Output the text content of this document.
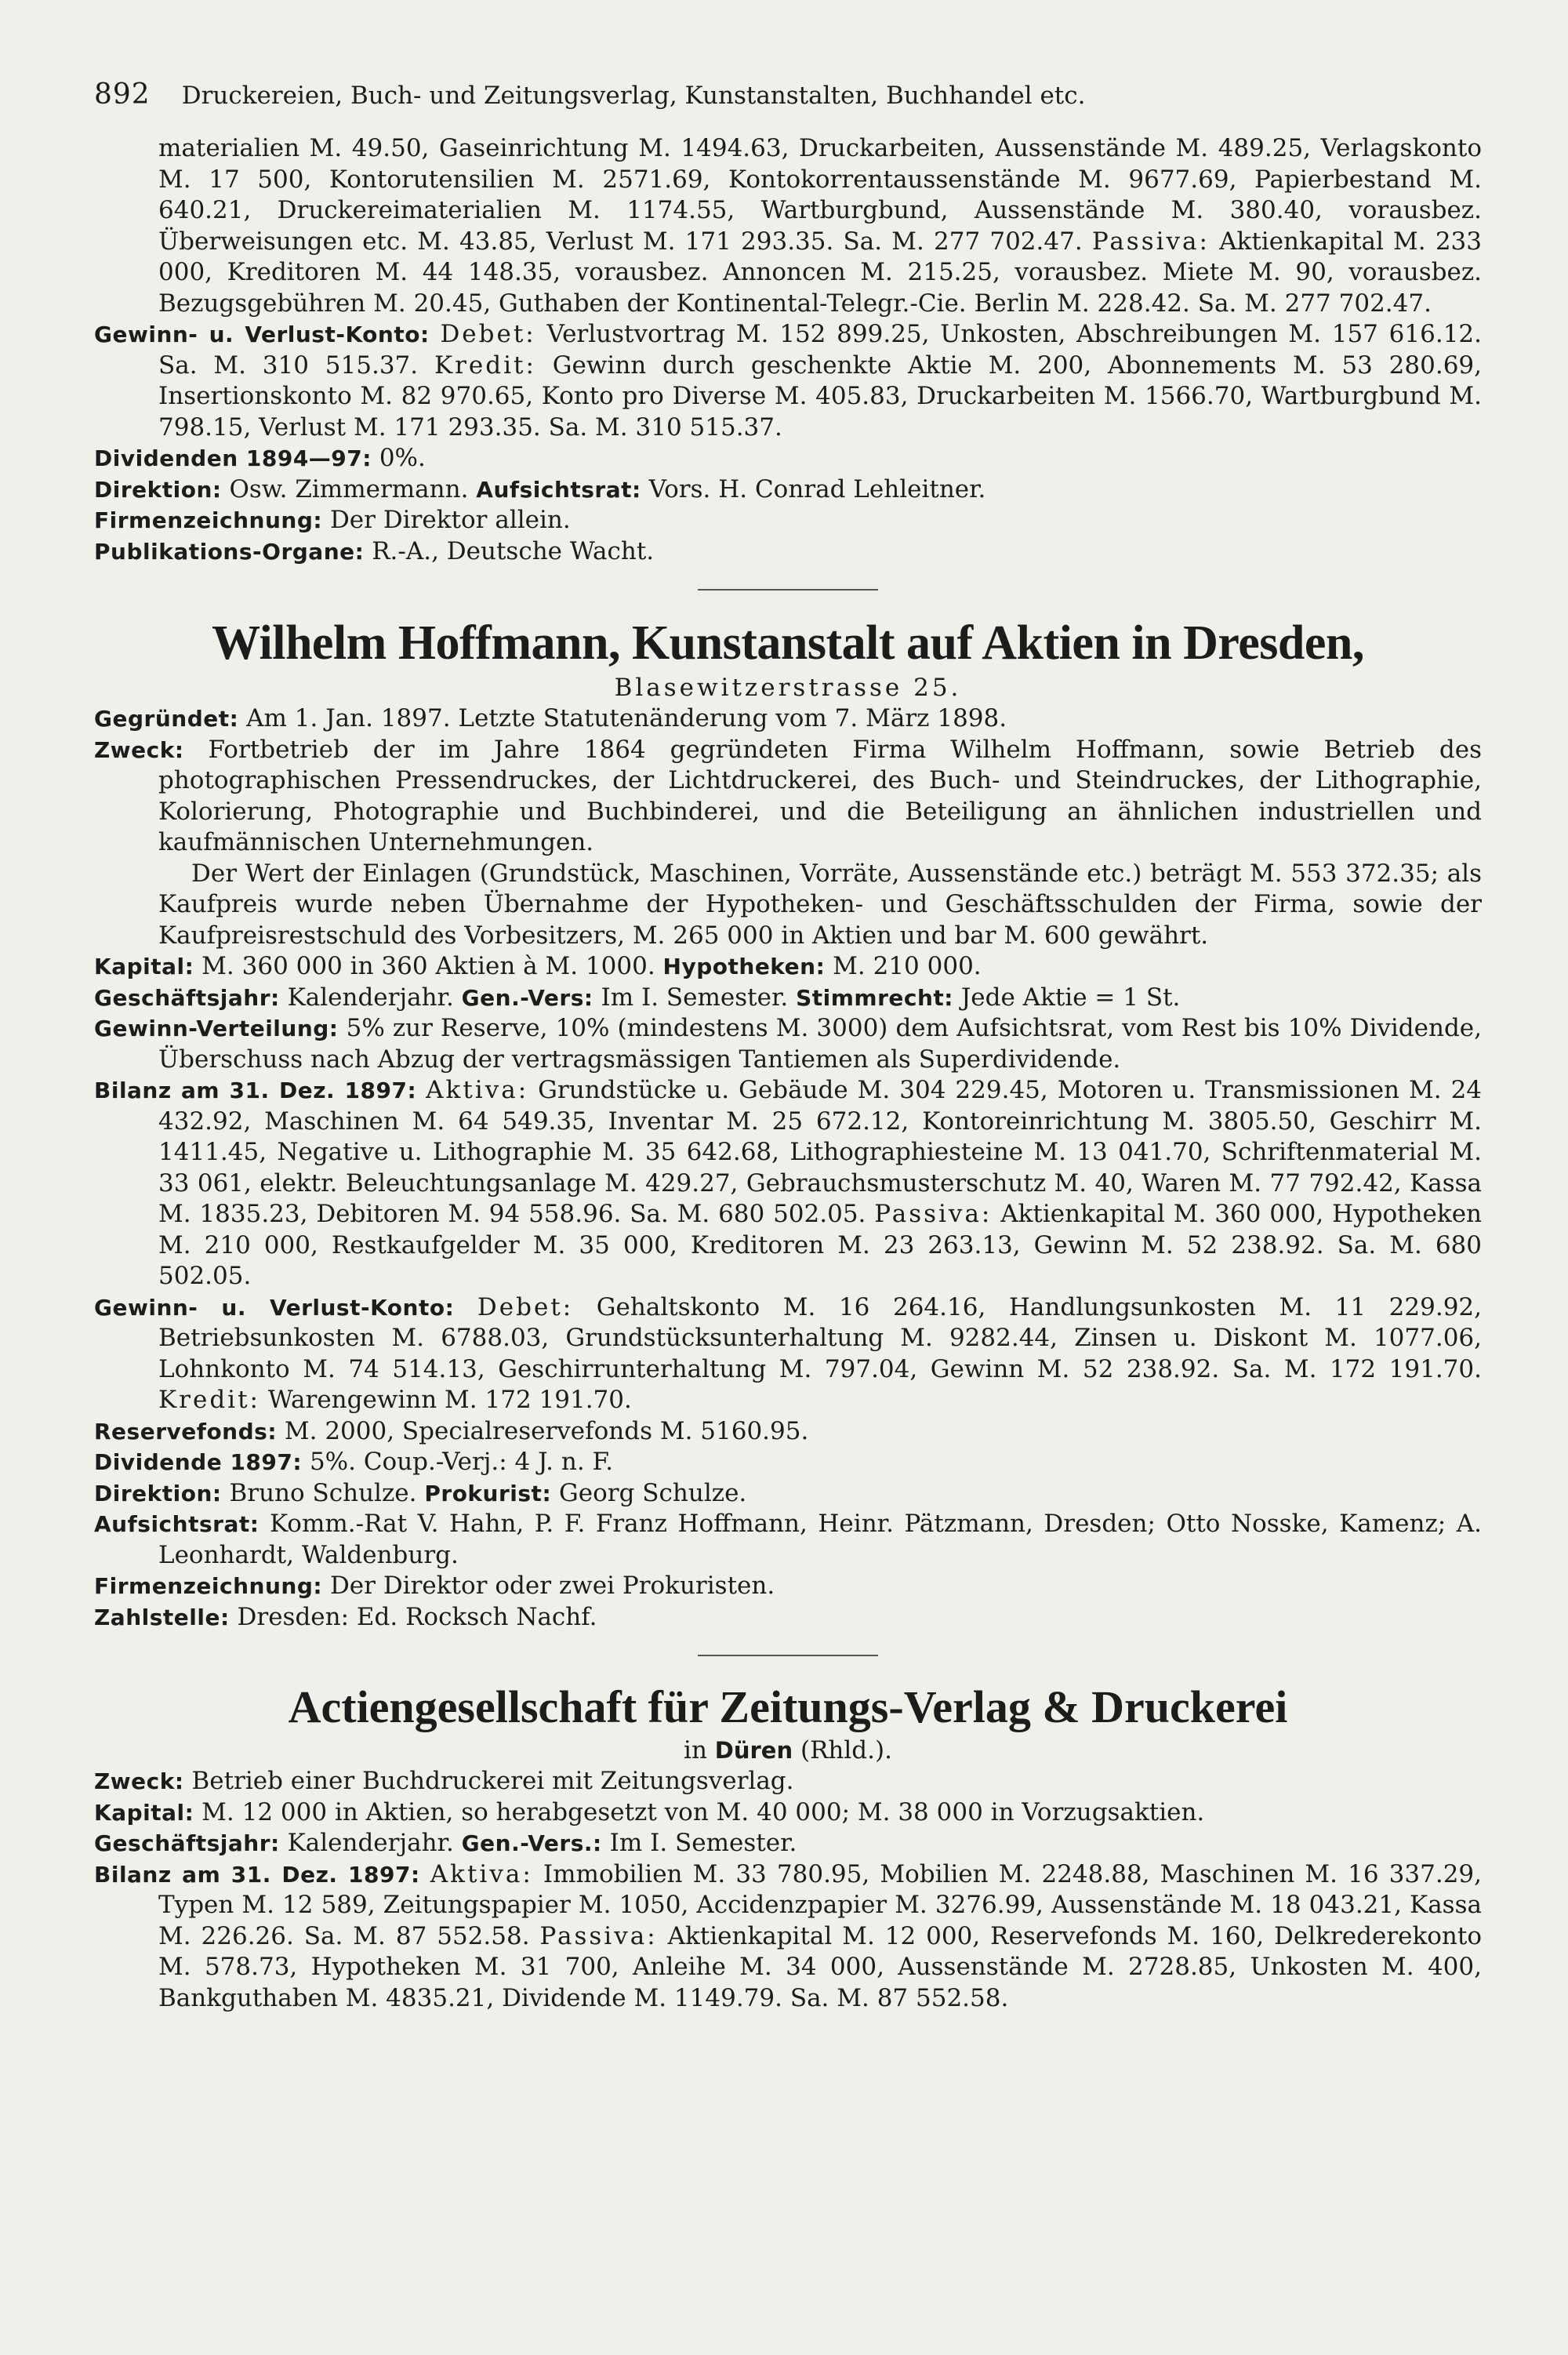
892 Druckereien, Buch- und Zeitungsverlag, Kunstanstalten, Buchhandel etc.

materialien M. 49.50, Gaseinrichtung M. 1494.63, Druckarbeiten, Aussenstände M. 489.25, Verlagskonto M. 17 500, Kontorutensilien M. 2571.69, Kontokorrentaussenstände M. 9677.69, Papierbestand M. 640.21, Druckereimaterialien M. 1174.55, Wartburgbund, Aussenstände M. 380.40, vorausbez. Überweisungen etc. M. 43.85, Verlust M. 171 293.35. Sa. M. 277 702.47. Passiva: Aktienkapital M. 233 000, Kreditoren M. 44 148.35, vorausbez. Annoncen M. 215.25, vorausbez. Miete M. 90, vorausbez. Bezugsgebühren M. 20.45, Guthaben der Kontinental-Telegr.-Cie. Berlin M. 228.42. Sa. M. 277 702.47.

Gewinn- u. Verlust-Konto: Debet: Verlustvortrag M. 152 899.25, Unkosten, Abschreibungen M. 157 616.12. Sa. M. 310 515.37. Kredit: Gewinn durch geschenkte Aktie M. 200, Abonnements M. 53 280.69, Insertionskonto M. 82 970.65, Konto pro Diverse M. 405.83, Druckarbeiten M. 1566.70, Wartburgbund M. 798.15, Verlust M. 171 293.35. Sa. M. 310 515.37.

Dividenden 1894—97: 0%.

Direktion: Osw. Zimmermann. Aufsichtsrat: Vors. H. Conrad Lehleitner.

Firmenzeichnung: Der Direktor allein.

Publikations-Organe: R.-A., Deutsche Wacht.

Wilhelm Hoffmann, Kunstanstalt auf Aktien in Dresden,
Blasewitzerstrasse 25.

Gegründet: Am 1. Jan. 1897. Letzte Statutenänderung vom 7. März 1898.

Zweck: Fortbetrieb der im Jahre 1864 gegründeten Firma Wilhelm Hoffmann, sowie Betrieb des photographischen Pressendruckes, der Lichtdruckerei, des Buch- und Steindruckes, der Lithographie, Kolorierung, Photographie und Buchbinderei, und die Beteiligung an ähnlichen industriellen und kaufmännischen Unternehmungen.

Der Wert der Einlagen (Grundstück, Maschinen, Vorräte, Aussenstände etc.) beträgt M. 553 372.35; als Kaufpreis wurde neben Übernahme der Hypotheken- und Geschäftsschulden der Firma, sowie der Kaufpreisrestschuld des Vorbesitzers, M. 265 000 in Aktien und bar M. 600 gewährt.

Kapital: M. 360 000 in 360 Aktien à M. 1000. Hypotheken: M. 210 000.

Geschäftsjahr: Kalenderjahr. Gen.-Vers: Im I. Semester. Stimmrecht: Jede Aktie = 1 St.

Gewinn-Verteilung: 5% zur Reserve, 10% (mindestens M. 3000) dem Aufsichtsrat, vom Rest bis 10% Dividende, Überschuss nach Abzug der vertragsmässigen Tantiemen als Superdividende.

Bilanz am 31. Dez. 1897: Aktiva: Grundstücke u. Gebäude M. 304 229.45, Motoren u. Transmissionen M. 24 432.92, Maschinen M. 64 549.35, Inventar M. 25 672.12, Kontoreinrichtung M. 3805.50, Geschirr M. 1411.45, Negative u. Lithographie M. 35 642.68, Lithographiesteine M. 13 041.70, Schriftenmaterial M. 33 061, elektr. Beleuchtungsanlage M. 429.27, Gebrauchsmusterschutz M. 40, Waren M. 77 792.42, Kassa M. 1835.23, Debitoren M. 94 558.96. Sa. M. 680 502.05. Passiva: Aktienkapital M. 360 000, Hypotheken M. 210 000, Restkaufgelder M. 35 000, Kreditoren M. 23 263.13, Gewinn M. 52 238.92. Sa. M. 680 502.05.

Gewinn- u. Verlust-Konto: Debet: Gehaltskonto M. 16 264.16, Handlungsunkosten M. 11 229.92, Betriebsunkosten M. 6788.03, Grundstücksunterhaltung M. 9282.44, Zinsen u. Diskont M. 1077.06, Lohnkonto M. 74 514.13, Geschirrunterhaltung M. 797.04, Gewinn M. 52 238.92. Sa. M. 172 191.70. Kredit: Warengewinn M. 172 191.70.

Reservefonds: M. 2000, Specialreservefonds M. 5160.95.

Dividende 1897: 5%. Coup.-Verj.: 4 J. n. F.

Direktion: Bruno Schulze. Prokurist: Georg Schulze.

Aufsichtsrat: Komm.-Rat V. Hahn, P. F. Franz Hoffmann, Heinr. Pätzmann, Dresden; Otto Nosske, Kamenz; A. Leonhardt, Waldenburg.

Firmenzeichnung: Der Direktor oder zwei Prokuristen.

Zahlstelle: Dresden: Ed. Rocksch Nachf.

Actiengesellschaft für Zeitungs-Verlag & Druckerei
in Düren (Rhld.).

Zweck: Betrieb einer Buchdruckerei mit Zeitungsverlag.

Kapital: M. 12 000 in Aktien, so herabgesetzt von M. 40 000; M. 38 000 in Vorzugsaktien.

Geschäftsjahr: Kalenderjahr. Gen.-Vers.: Im I. Semester.

Bilanz am 31. Dez. 1897: Aktiva: Immobilien M. 33 780.95, Mobilien M. 2248.88, Maschinen M. 16 337.29, Typen M. 12 589, Zeitungspapier M. 1050, Accidenzpapier M. 3276.99, Aussenstände M. 18 043.21, Kassa M. 226.26. Sa. M. 87 552.58. Passiva: Aktienkapital M. 12 000, Reservefonds M. 160, Delkrederekonto M. 578.73, Hypotheken M. 31 700, Anleihe M. 34 000, Aussenstände M. 2728.85, Unkosten M. 400, Bankguthaben M. 4835.21, Dividende M. 1149.79. Sa. M. 87 552.58.
